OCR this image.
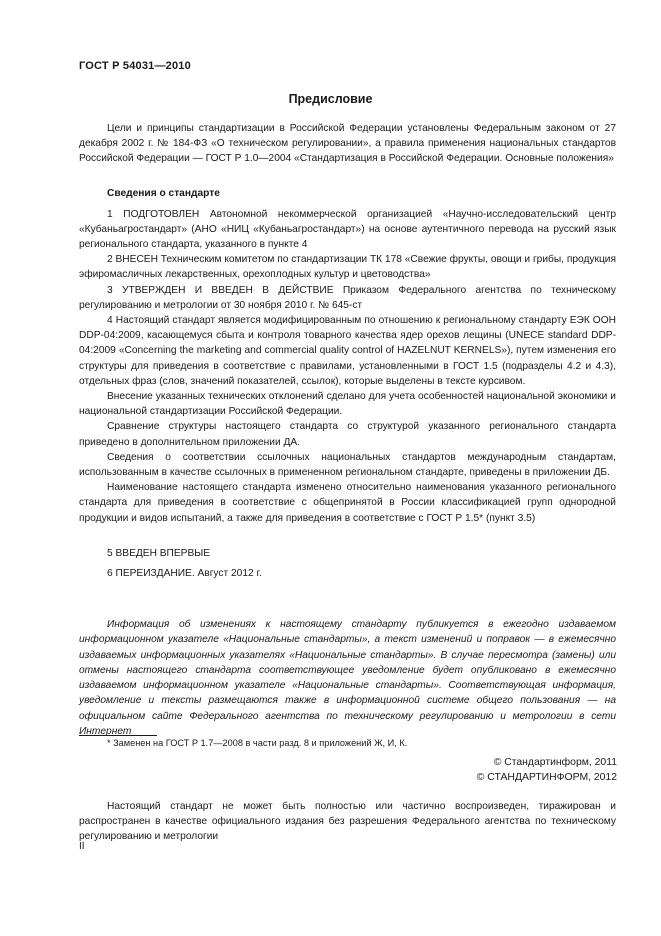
ГОСТ Р 54031—2010
Предисловие

Цели и принципы стандартизации в Российской Федерации установлены Федеральным законом от 27 декабря 2002 г. № 184-ФЗ «О техническом регулировании», а правила применения национальных стандартов Российской Федерации — ГОСТ Р 1.0—2004 «Стандартизация в Российской Федерации. Основные положения»

Сведения о стандарте

1 ПОДГОТОВЛЕН Автономной некоммерческой организацией «Научно-исследовательский центр «Кубаньагростандарт» (АНО «НИЦ «Кубаньагростандарт») на основе аутентичного перевода на русский язык регионального стандарта, указанного в пункте 4

2 ВНЕСЕН Техническим комитетом по стандартизации ТК 178 «Свежие фрукты, овощи и грибы, продукция эфиромасличных лекарственных, орехоплодных культур и цветоводства»

3 УТВЕРЖДЕН И ВВЕДЕН В ДЕЙСТВИЕ Приказом Федерального агентства по техническому регулированию и метрологии от 30 ноября 2010 г. № 645-ст

4 Настоящий стандарт является модифицированным по отношению к региональному стандарту ЕЭК ООН DDP-04:2009, касающемуся сбыта и контроля товарного качества ядер орехов лещины (UNECE standard DDP-04:2009 «Concerning the marketing and commercial quality control of HAZELNUT KERNELS»), путем изменения его структуры для приведения в соответствие с правилами, установленными в ГОСТ 1.5 (подразделы 4.2 и 4.3), отдельных фраз (слов, значений показателей, ссылок), которые выделены в тексте курсивом.

Внесение указанных технических отклонений сделано для учета особенностей национальной экономики и национальной стандартизации Российской Федерации.

Сравнение структуры настоящего стандарта со структурой указанного регионального стандарта приведено в дополнительном приложении ДА.

Сведения о соответствии ссылочных национальных стандартов международным стандартам, использованным в качестве ссылочных в примененном региональном стандарте, приведены в приложении ДБ.

Наименование настоящего стандарта изменено относительно наименования указанного регионального стандарта для приведения в соответствие с общепринятой в России классификацией групп однородной продукции и видов испытаний, а также для приведения в соответствие с ГОСТ Р 1.5* (пункт 3.5)

5 ВВЕДЕН ВПЕРВЫЕ

6 ПЕРЕИЗДАНИЕ. Август 2012 г.

Информация об изменениях к настоящему стандарту публикуется в ежегодно издаваемом информационном указателе «Национальные стандарты», а текст изменений и поправок — в ежемесячно издаваемых информационных указателях «Национальные стандарты». В случае пересмотра (замены) или отмены настоящего стандарта соответствующее уведомление будет опубликовано в ежемесячно издаваемом информационном указателе «Национальные стандарты». Соответствующая информация, уведомление и тексты размещаются также в информационной системе общего пользования — на официальном сайте Федерального агентства по техническому регулированию и метрологии в сети Интернет

* Заменен на ГОСТ Р 1.7—2008 в части разд. 8 и приложений Ж, И, К.
© Стандартинформ, 2011
© СТАНДАРТИНФОРМ, 2012

Настоящий стандарт не может быть полностью или частично воспроизведен, тиражирован и распространен в качестве официального издания без разрешения Федерального агентства по техническому регулированию и метрологии

II
